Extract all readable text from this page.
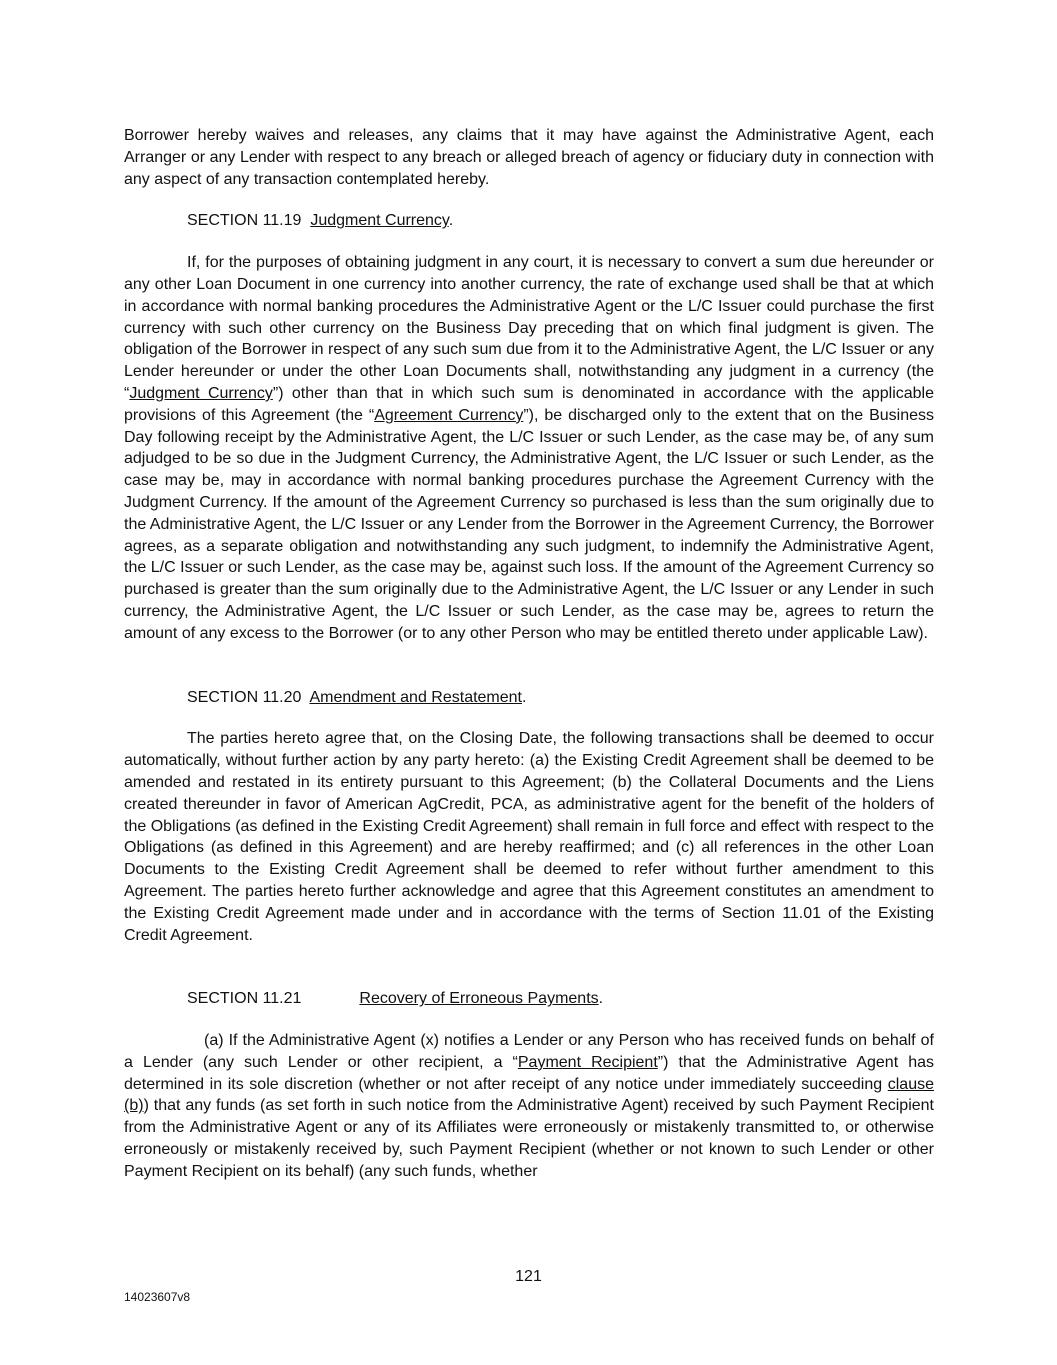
Borrower hereby waives and releases, any claims that it may have against the Administrative Agent, each Arranger or any Lender with respect to any breach or alleged breach of agency or fiduciary duty in connection with any aspect of any transaction contemplated hereby.

SECTION 11.19 Judgment Currency.

If, for the purposes of obtaining judgment in any court, it is necessary to convert a sum due hereunder or any other Loan Document in one currency into another currency, the rate of exchange used shall be that at which in accordance with normal banking procedures the Administrative Agent or the L/C Issuer could purchase the first currency with such other currency on the Business Day preceding that on which final judgment is given. The obligation of the Borrower in respect of any such sum due from it to the Administrative Agent, the L/C Issuer or any Lender hereunder or under the other Loan Documents shall, notwithstanding any judgment in a currency (the “Judgment Currency”) other than that in which such sum is denominated in accordance with the applicable provisions of this Agreement (the “Agreement Currency”), be discharged only to the extent that on the Business Day following receipt by the Administrative Agent, the L/C Issuer or such Lender, as the case may be, of any sum adjudged to be so due in the Judgment Currency, the Administrative Agent, the L/C Issuer or such Lender, as the case may be, may in accordance with normal banking procedures purchase the Agreement Currency with the Judgment Currency. If the amount of the Agreement Currency so purchased is less than the sum originally due to the Administrative Agent, the L/C Issuer or any Lender from the Borrower in the Agreement Currency, the Borrower agrees, as a separate obligation and notwithstanding any such judgment, to indemnify the Administrative Agent, the L/C Issuer or such Lender, as the case may be, against such loss. If the amount of the Agreement Currency so purchased is greater than the sum originally due to the Administrative Agent, the L/C Issuer or any Lender in such currency, the Administrative Agent, the L/C Issuer or such Lender, as the case may be, agrees to return the amount of any excess to the Borrower (or to any other Person who may be entitled thereto under applicable Law).

SECTION 11.20 Amendment and Restatement.

The parties hereto agree that, on the Closing Date, the following transactions shall be deemed to occur automatically, without further action by any party hereto: (a) the Existing Credit Agreement shall be deemed to be amended and restated in its entirety pursuant to this Agreement; (b) the Collateral Documents and the Liens created thereunder in favor of American AgCredit, PCA, as administrative agent for the benefit of the holders of the Obligations (as defined in the Existing Credit Agreement) shall remain in full force and effect with respect to the Obligations (as defined in this Agreement) and are hereby reaffirmed; and (c) all references in the other Loan Documents to the Existing Credit Agreement shall be deemed to refer without further amendment to this Agreement. The parties hereto further acknowledge and agree that this Agreement constitutes an amendment to the Existing Credit Agreement made under and in accordance with the terms of Section 11.01 of the Existing Credit Agreement.

SECTION 11.21	Recovery of Erroneous Payments.

(a) If the Administrative Agent (x) notifies a Lender or any Person who has received funds on behalf of a Lender (any such Lender or other recipient, a “Payment Recipient”) that the Administrative Agent has determined in its sole discretion (whether or not after receipt of any notice under immediately succeeding clause (b)) that any funds (as set forth in such notice from the Administrative Agent) received by such Payment Recipient from the Administrative Agent or any of its Affiliates were erroneously or mistakenly transmitted to, or otherwise erroneously or mistakenly received by, such Payment Recipient (whether or not known to such Lender or other Payment Recipient on its behalf) (any such funds, whether

121
14023607v8
